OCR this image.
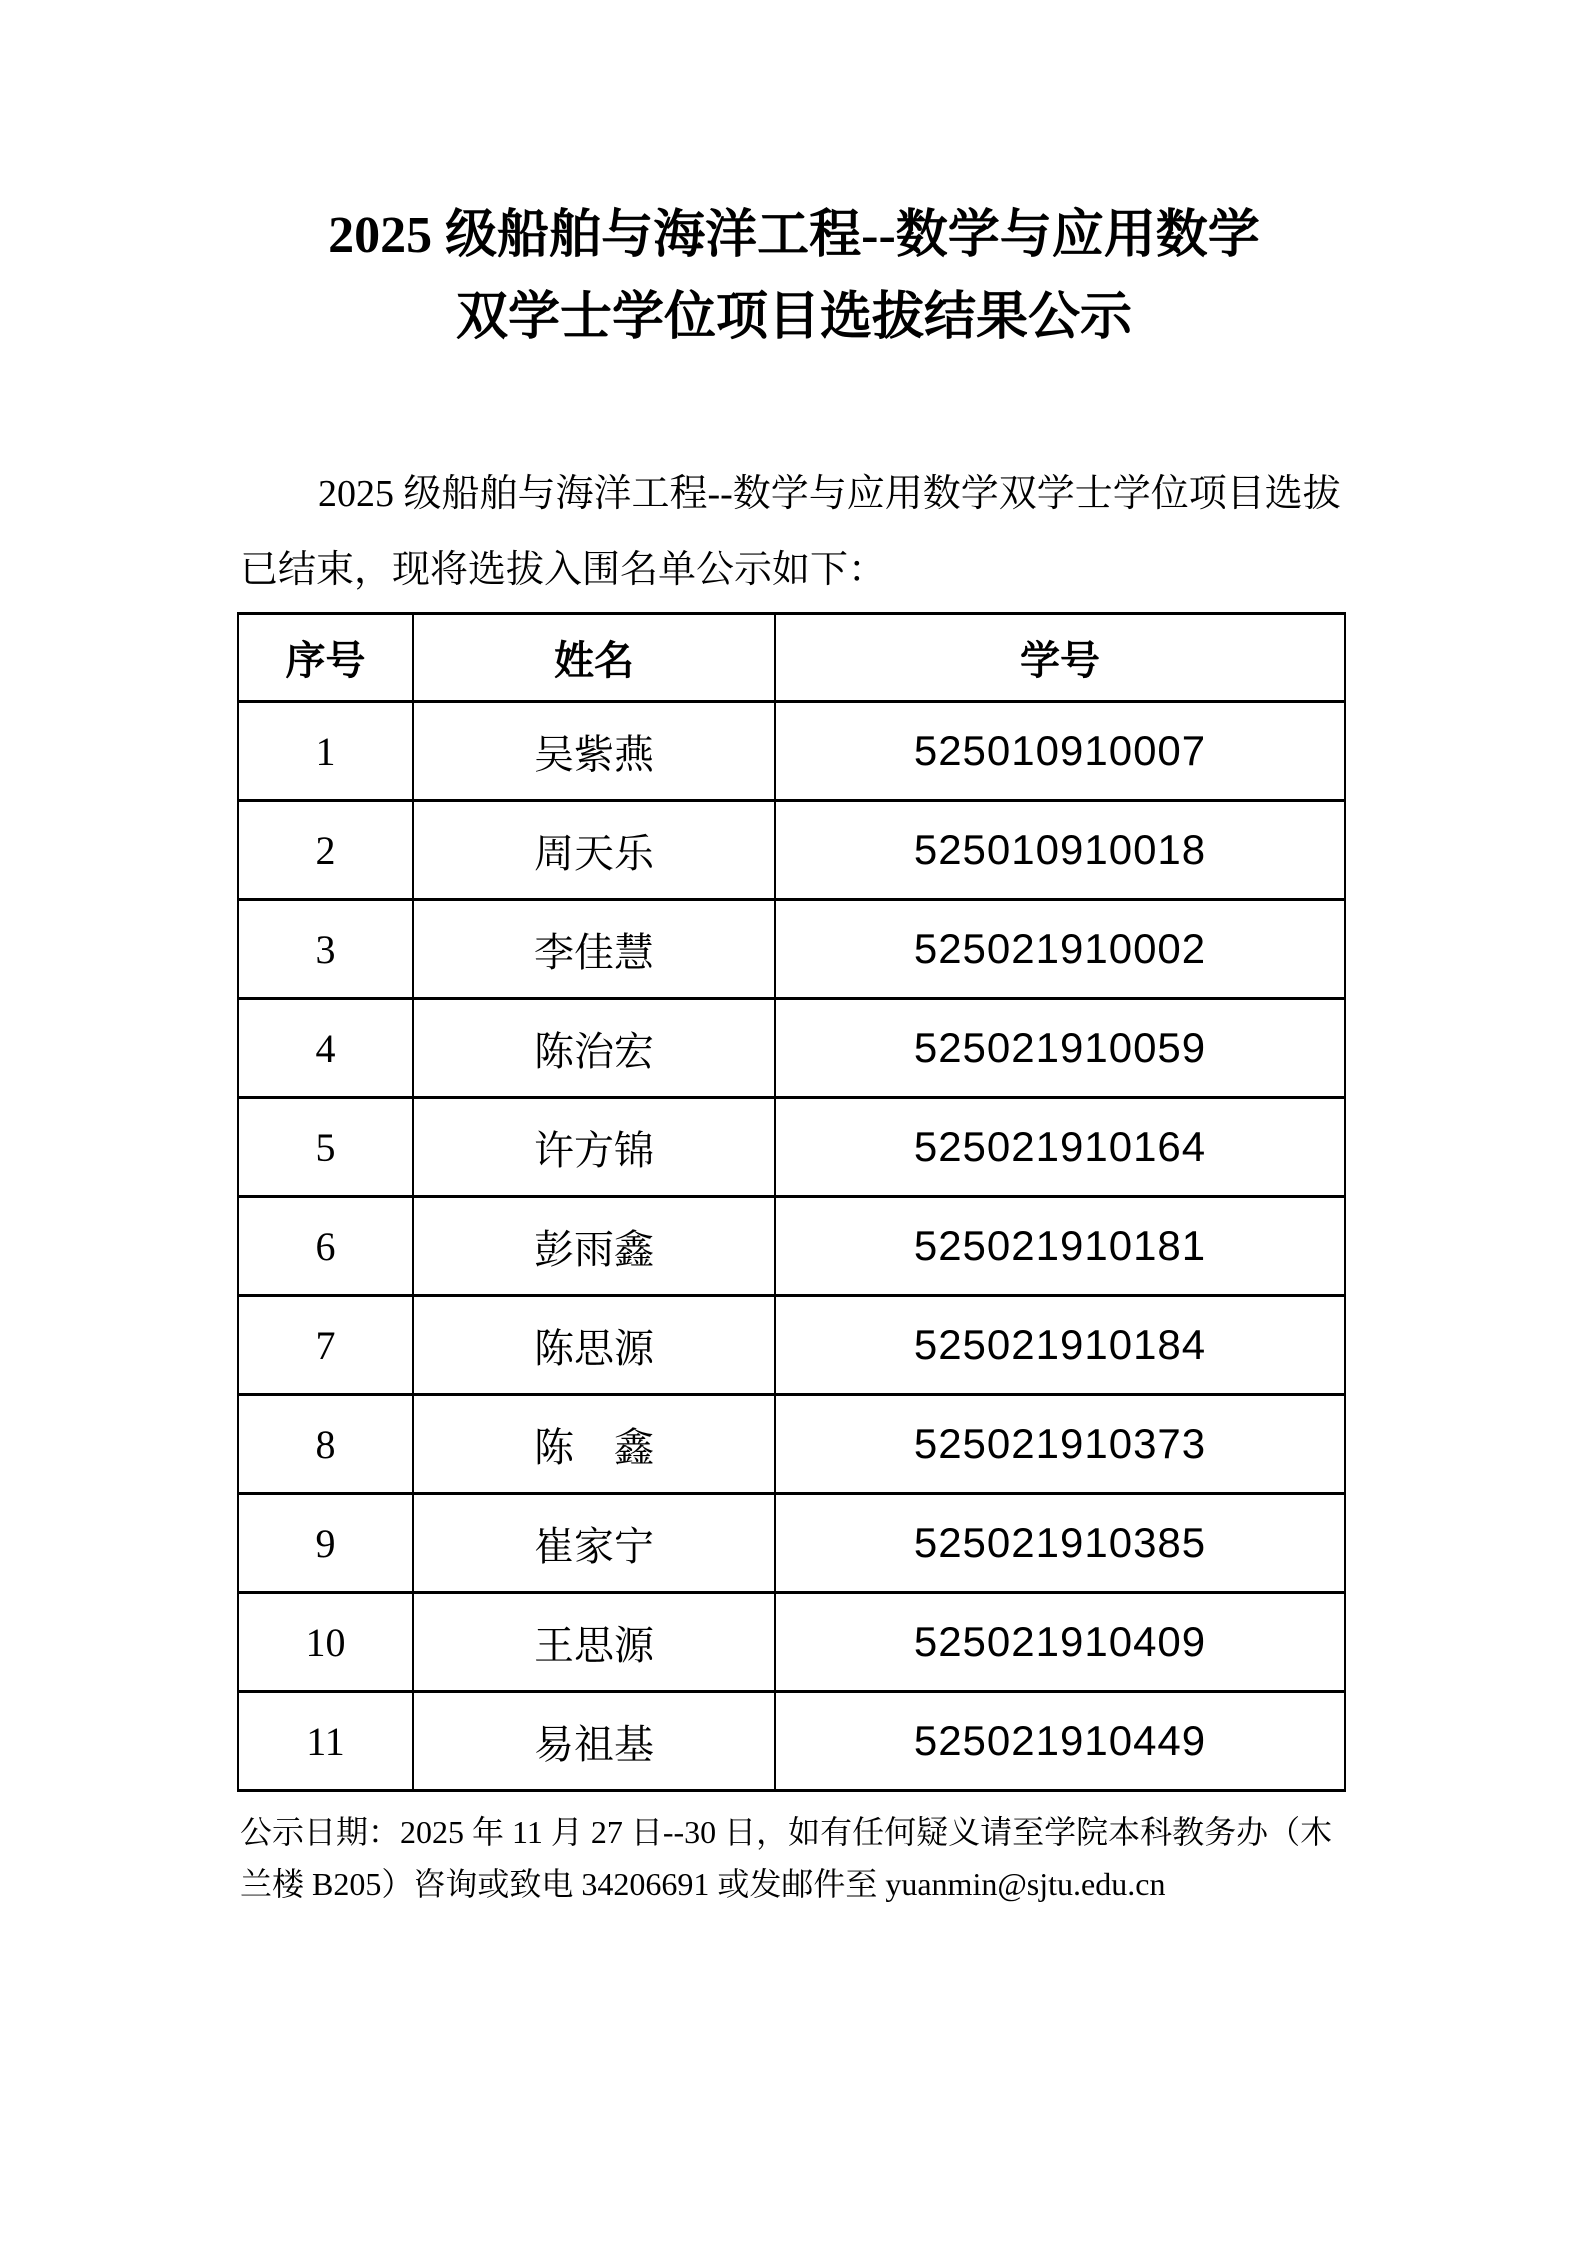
2025 级船舶与海洋工程--数学与应用数学
双学士学位项目选拔结果公示

2025 级船舶与海洋工程--数学与应用数学双学士学位项目选拔
已结束，现将选拔入围名单公示如下：

序号	姓名	学号
1	吴紫燕	525010910007
2	周天乐	525010910018
3	李佳慧	525021910002
4	陈治宏	525021910059
5	许方锦	525021910164
6	彭雨鑫	525021910181
7	陈思源	525021910184
8	陈　鑫	525021910373
9	崔家宁	525021910385
10	王思源	525021910409
11	易祖基	525021910449

公示日期：2025 年 11 月 27 日--30 日，如有任何疑义请至学院本科教务办（木
兰楼 B205）咨询或致电 34206691 或发邮件至 yuanmin@sjtu.edu.cn
